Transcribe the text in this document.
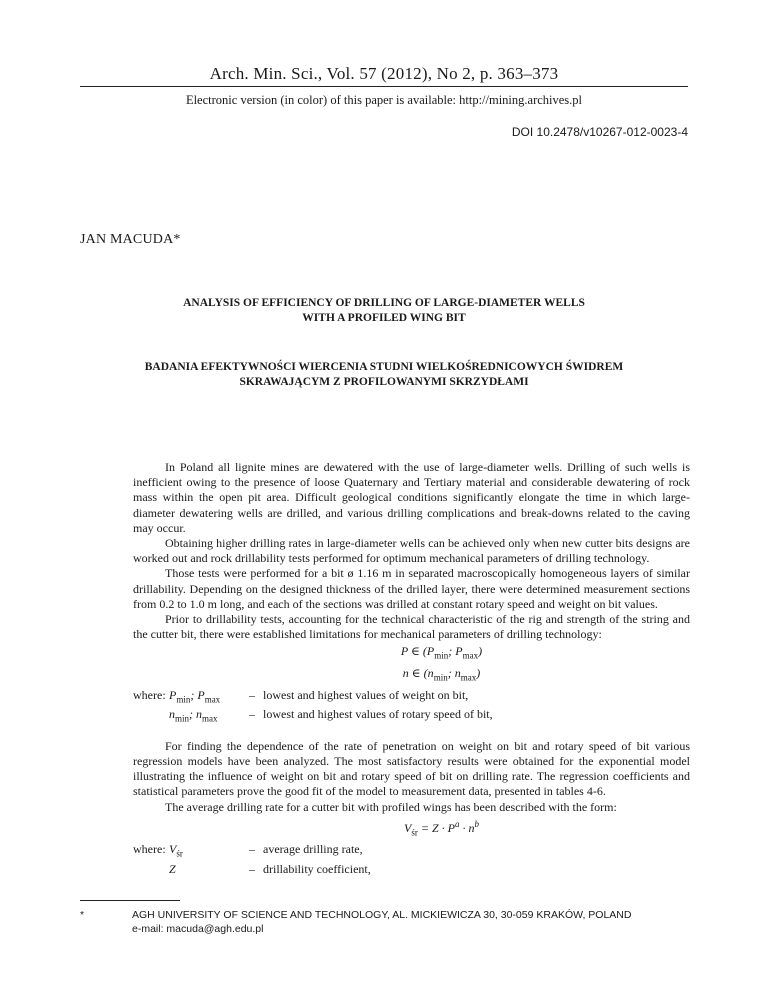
Arch. Min. Sci., Vol. 57 (2012), No 2, p. 363–373
Electronic version (in color) of this paper is available: http://mining.archives.pl
DOI 10.2478/v10267-012-0023-4
JAN MACUDA*
ANALYSIS OF EFFICIENCY OF DRILLING OF LARGE-DIAMETER WELLS
WITH A PROFILED WING BIT
BADANIA EFEKTYWNOŚCI WIERCENIA STUDNI WIELKOŚREDNICOWYCH ŚWIDREM
SKRAWAJĄCYM Z PROFILOWANYMI SKRZYDŁAMI

In Poland all lignite mines are dewatered with the use of large-diameter wells. Drilling of such wells is inefficient owing to the presence of loose Quaternary and Tertiary material and considerable dewatering of rock mass within the open pit area. Difficult geological conditions significantly elongate the time in which large-diameter dewatering wells are drilled, and various drilling complications and break-downs related to the caving may occur.

Obtaining higher drilling rates in large-diameter wells can be achieved only when new cutter bits designs are worked out and rock drillability tests performed for optimum mechanical parameters of drilling technology.

Those tests were performed for a bit ø 1.16 m in separated macroscopically homogeneous layers of similar drillability. Depending on the designed thickness of the drilled layer, there were determined measurement sections from 0.2 to 1.0 m long, and each of the sections was drilled at constant rotary speed and weight on bit values.

Prior to drillability tests, accounting for the technical characteristic of the rig and strength of the string and the cutter bit, there were established limitations for mechanical parameters of drilling technology:

P ∈ ($P_{min}$; $P_{max}$)
n ∈ ($n_{min}$; $n_{max}$)
where:	$P_{min}$; $P_{max}$	–	lowest and highest values of weight on bit,
	$n_{min}$; $n_{max}$	–	lowest and highest values of rotary speed of bit,

For finding the dependence of the rate of penetration on weight on bit and rotary speed of bit various regression models have been analyzed. The most satisfactory results were obtained for the exponential model illustrating the influence of weight on bit and rotary speed of bit on drilling rate. The regression coefficients and statistical parameters prove the good fit of the model to measurement data, presented in tables 4-6.

The average drilling rate for a cutter bit with profiled wings has been described with the form:

$V_{śr} = Z \cdot P^a \cdot n^b$
where:	$V_{śr}$	–	average drilling rate,
	Z	–	drillability coefficient,
*	AGH UNIVERSITY OF SCIENCE AND TECHNOLOGY, AL. MICKIEWICZA 30, 30-059 KRAKÓW, POLAND
e-mail: macuda@agh.edu.pl
